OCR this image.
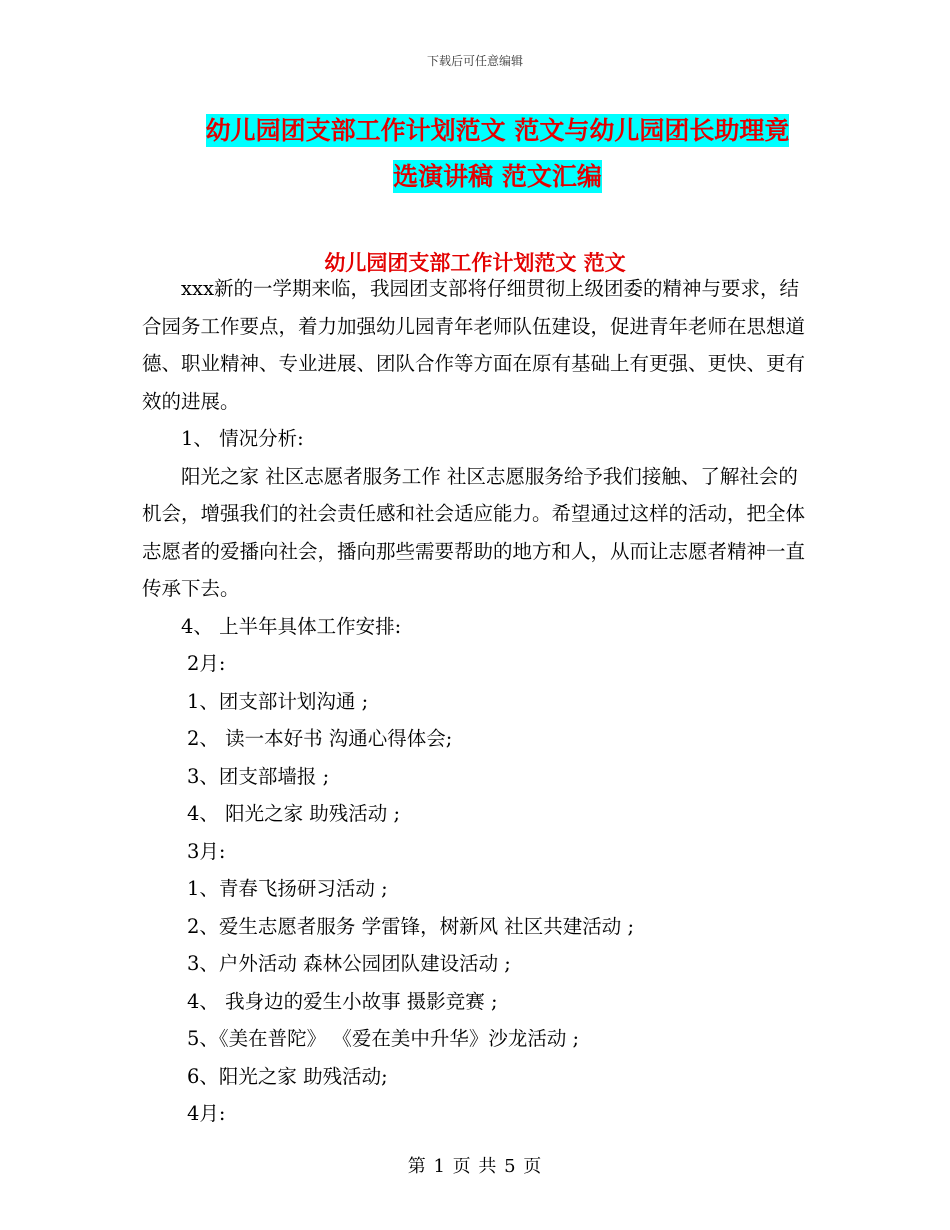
下载后可任意编辑
幼儿园团支部工作计划范文 范文与幼儿园团长助理竟
选演讲稿 范文汇编
幼儿园团支部工作计划范文 范文

xxx新的一学期来临，我园团支部将仔细贯彻上级团委的精神与要求，结合园务工作要点，着力加强幼儿园青年老师队伍建设，促进青年老师在思想道德、职业精神、专业进展、团队合作等方面在原有基础上有更强、更快、更有效的进展。

1、 情况分析:

阳光之家 社区志愿者服务工作 社区志愿服务给予我们接触、了解社会的机会，增强我们的社会责任感和社会适应能力。希望通过这样的活动，把全体志愿者的爱播向社会，播向那些需要帮助的地方和人，从而让志愿者精神一直传承下去。

4、 上半年具体工作安排:

2月:

1、团支部计划沟通 ;

2、 读一本好书 沟通心得体会;

3、团支部墙报 ;

4、 阳光之家 助残活动 ;

3月:

1、青春飞扬研习活动 ;

2、爱生志愿者服务 学雷锋，树新风 社区共建活动 ;

3、户外活动 森林公园团队建设活动 ;

4、 我身边的爱生小故事 摄影竞赛 ;

5、《美在普陀》 《爱在美中升华》沙龙活动 ;

6、阳光之家 助残活动;

4月:

第 1 页 共 5 页
